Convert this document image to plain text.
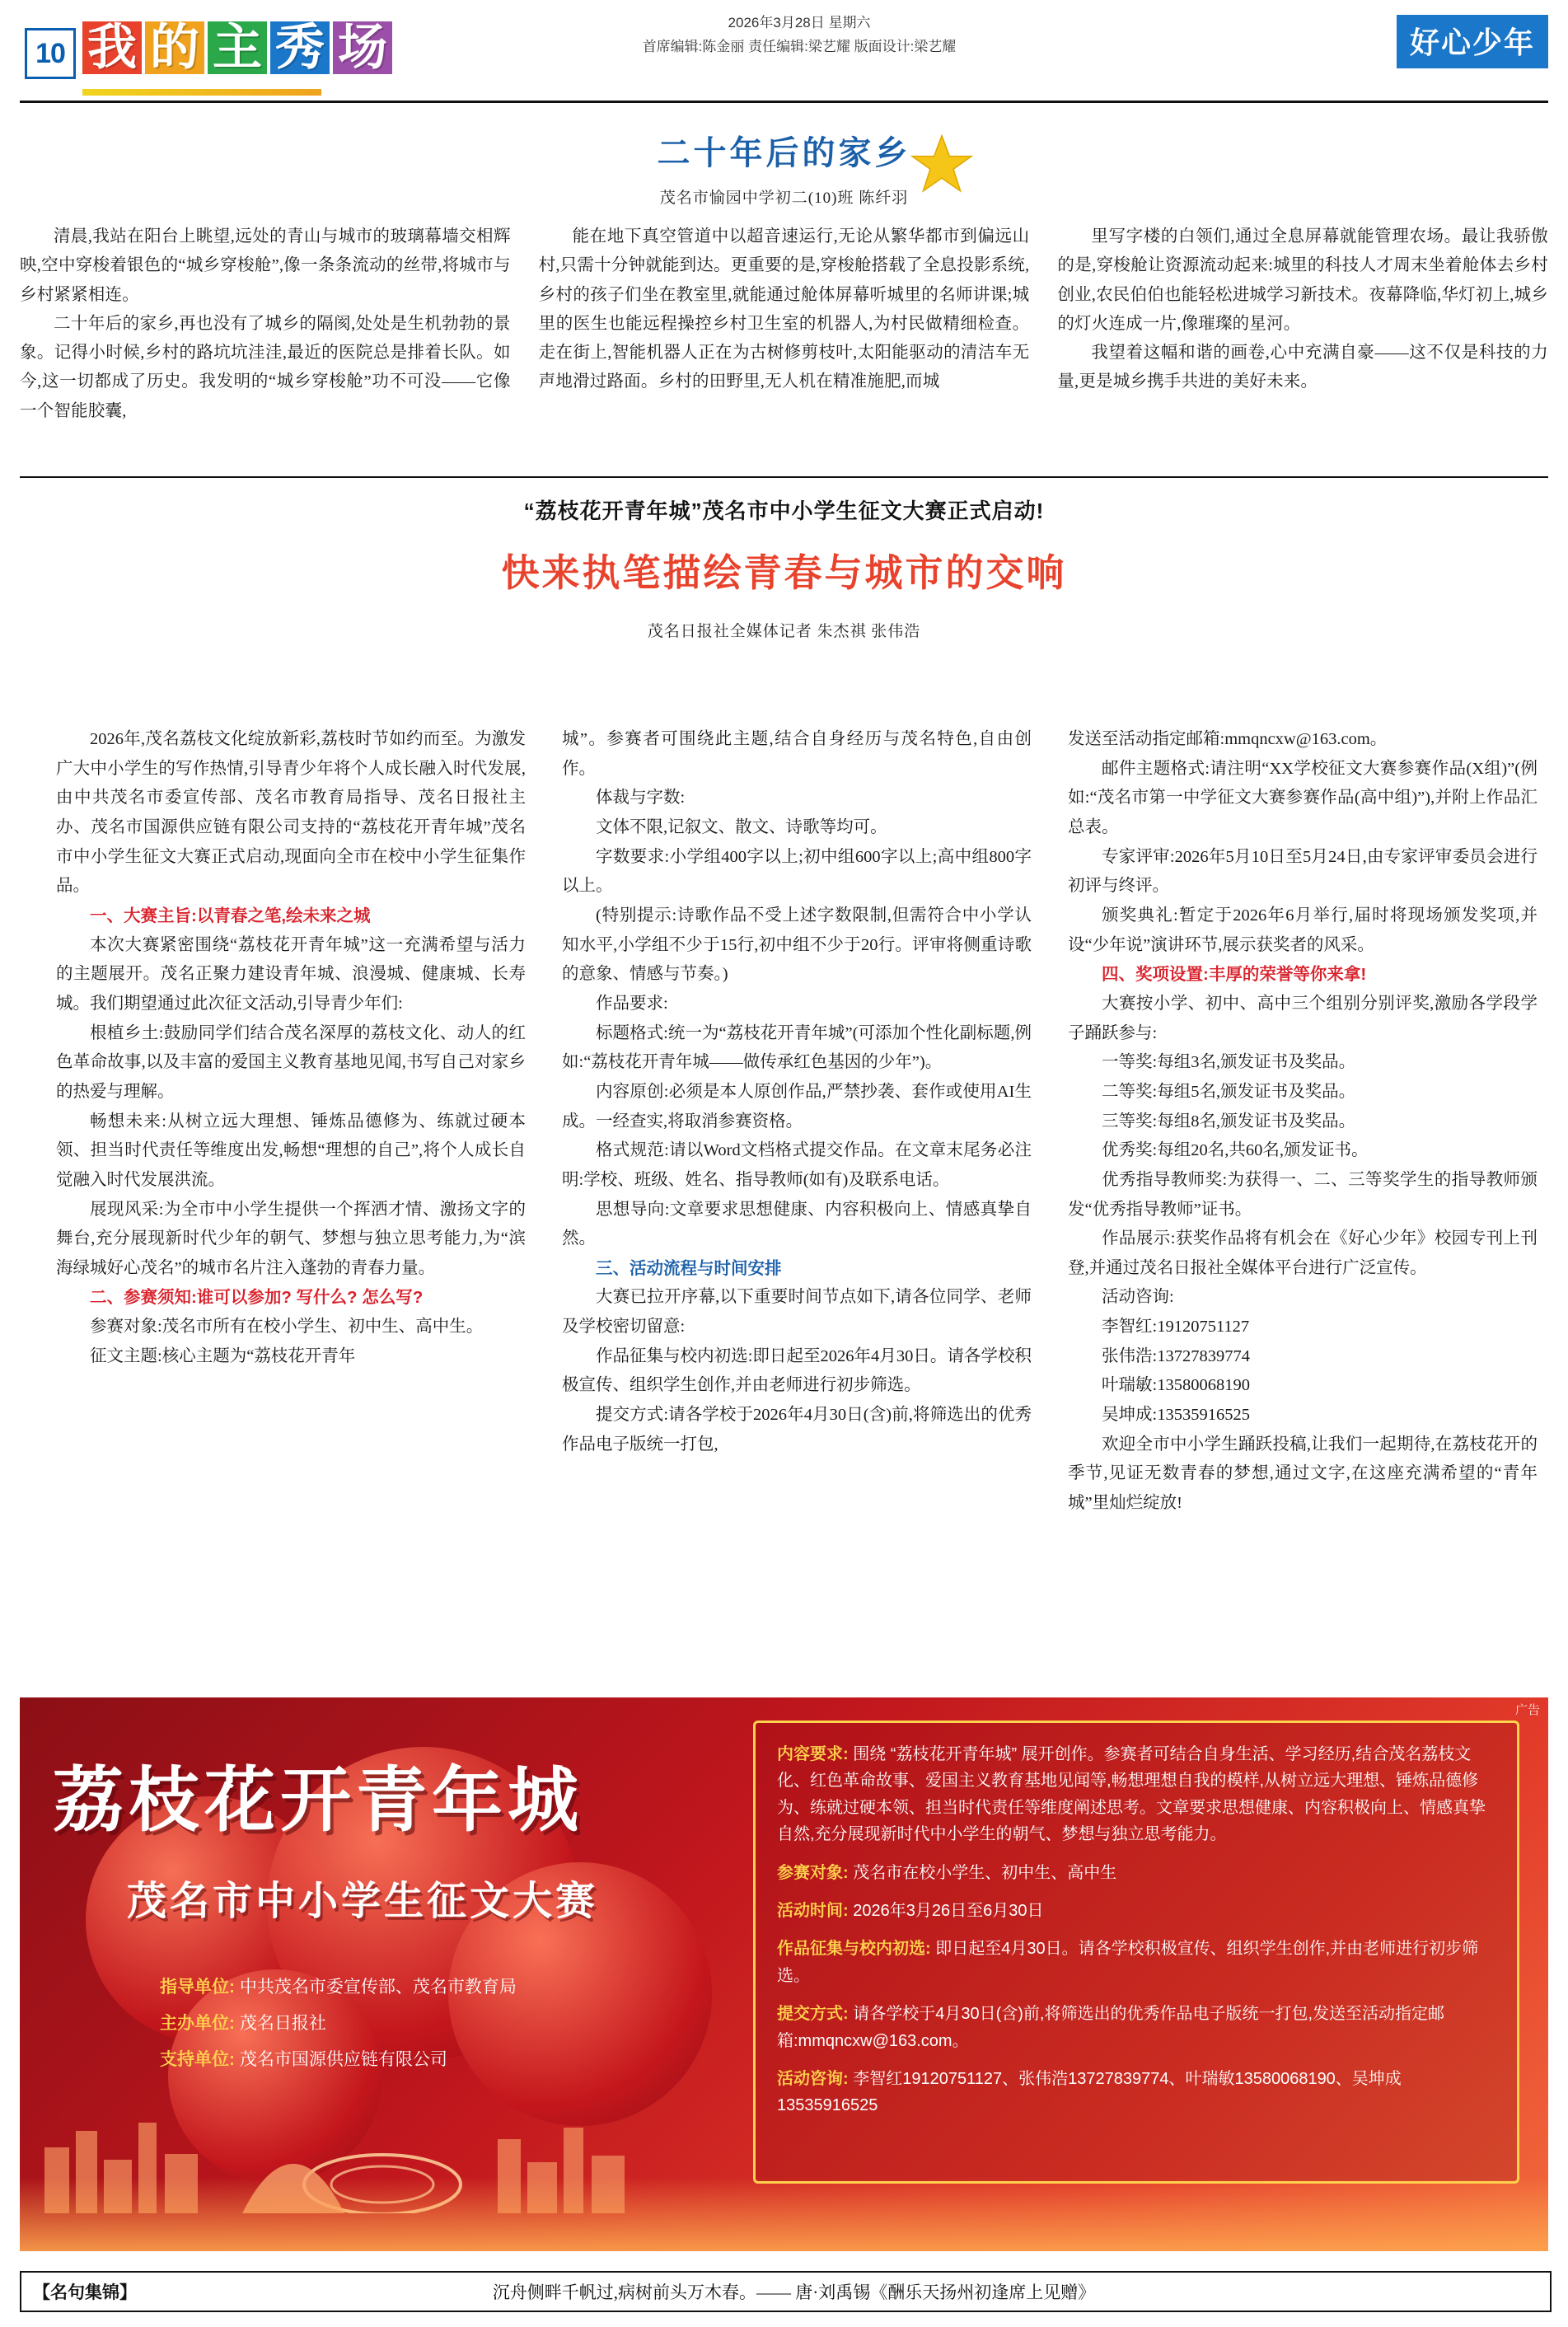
10 我 的 主 秀 场	2026年3月28日 星期六
首席编辑:陈金丽 责任编辑:梁艺耀 版面设计:梁艺耀	好心少年
二十年后的家乡
茂名市愉园中学初二(10)班 陈纤羽

清晨,我站在阳台上眺望,远处的青山与城市的玻璃幕墙交相辉映,空中穿梭着银色的“城乡穿梭舱”,像一条条流动的丝带,将城市与乡村紧紧相连。

二十年后的家乡,再也没有了城乡的隔阂,处处是生机勃勃的景象。记得小时候,乡村的路坑坑洼洼,最近的医院总是排着长队。如今,这一切都成了历史。我发明的“城乡穿梭舱”功不可没——它像一个智能胶囊,

能在地下真空管道中以超音速运行,无论从繁华都市到偏远山村,只需十分钟就能到达。更重要的是,穿梭舱搭载了全息投影系统,乡村的孩子们坐在教室里,就能通过舱体屏幕听城里的名师讲课;城里的医生也能远程操控乡村卫生室的机器人,为村民做精细检查。走在街上,智能机器人正在为古树修剪枝叶,太阳能驱动的清洁车无声地滑过路面。乡村的田野里,无人机在精准施肥,而城

里写字楼的白领们,通过全息屏幕就能管理农场。最让我骄傲的是,穿梭舱让资源流动起来:城里的科技人才周末坐着舱体去乡村创业,农民伯伯也能轻松进城学习新技术。夜幕降临,华灯初上,城乡的灯火连成一片,像璀璨的星河。

我望着这幅和谐的画卷,心中充满自豪——这不仅是科技的力量,更是城乡携手共进的美好未来。

“荔枝花开青年城”茂名市中小学生征文大赛正式启动!
快来执笔描绘青春与城市的交响
茂名日报社全媒体记者 朱杰祺 张伟浩

2026年,茂名荔枝文化绽放新彩,荔枝时节如约而至。为激发广大中小学生的写作热情,引导青少年将个人成长融入时代发展,由中共茂名市委宣传部、茂名市教育局指导、茂名日报社主办、茂名市国源供应链有限公司支持的“荔枝花开青年城”茂名市中小学生征文大赛正式启动,现面向全市在校中小学生征集作品。

一、大赛主旨:以青春之笔,绘未来之城

本次大赛紧密围绕“荔枝花开青年城”这一充满希望与活力的主题展开。茂名正聚力建设青年城、浪漫城、健康城、长寿城。我们期望通过此次征文活动,引导青少年们:

根植乡土:鼓励同学们结合茂名深厚的荔枝文化、动人的红色革命故事,以及丰富的爱国主义教育基地见闻,书写自己对家乡的热爱与理解。

畅想未来:从树立远大理想、锤炼品德修为、练就过硬本领、担当时代责任等维度出发,畅想“理想的自己”,将个人成长自觉融入时代发展洪流。

展现风采:为全市中小学生提供一个挥洒才情、激扬文字的舞台,充分展现新时代少年的朝气、梦想与独立思考能力,为“滨海绿城好心茂名”的城市名片注入蓬勃的青春力量。

二、参赛须知:谁可以参加? 写什么? 怎么写?

参赛对象:茂名市所有在校小学生、初中生、高中生。

征文主题:核心主题为“荔枝花开青年

城”。参赛者可围绕此主题,结合自身经历与茂名特色,自由创作。

体裁与字数:

文体不限,记叙文、散文、诗歌等均可。

字数要求:小学组400字以上;初中组600字以上;高中组800字以上。

(特别提示:诗歌作品不受上述字数限制,但需符合中小学认知水平,小学组不少于15行,初中组不少于20行。评审将侧重诗歌的意象、情感与节奏。)

作品要求:

标题格式:统一为“荔枝花开青年城”(可添加个性化副标题,例如:“荔枝花开青年城——做传承红色基因的少年”)。

内容原创:必须是本人原创作品,严禁抄袭、套作或使用AI生成。一经查实,将取消参赛资格。

格式规范:请以Word文档格式提交作品。在文章末尾务必注明:学校、班级、姓名、指导教师(如有)及联系电话。

思想导向:文章要求思想健康、内容积极向上、情感真挚自然。

三、活动流程与时间安排

大赛已拉开序幕,以下重要时间节点如下,请各位同学、老师及学校密切留意:

作品征集与校内初选:即日起至2026年4月30日。请各学校积极宣传、组织学生创作,并由老师进行初步筛选。

提交方式:请各学校于2026年4月30日(含)前,将筛选出的优秀作品电子版统一打包,

发送至活动指定邮箱:mmqncxw@163.com。

邮件主题格式:请注明“XX学校征文大赛参赛作品(X组)”(例如:“茂名市第一中学征文大赛参赛作品(高中组)”),并附上作品汇总表。

专家评审:2026年5月10日至5月24日,由专家评审委员会进行初评与终评。

颁奖典礼:暂定于2026年6月举行,届时将现场颁发奖项,并设“少年说”演讲环节,展示获奖者的风采。

四、奖项设置:丰厚的荣誉等你来拿!

大赛按小学、初中、高中三个组别分别评奖,激励各学段学子踊跃参与:

一等奖:每组3名,颁发证书及奖品。

二等奖:每组5名,颁发证书及奖品。

三等奖:每组8名,颁发证书及奖品。

优秀奖:每组20名,共60名,颁发证书。

优秀指导教师奖:为获得一、二、三等奖学生的指导教师颁发“优秀指导教师”证书。

作品展示:获奖作品将有机会在《好心少年》校园专刊上刊登,并通过茂名日报社全媒体平台进行广泛宣传。

活动咨询:

李智红:19120751127

张伟浩:13727839774

叶瑞敏:13580068190

吴坤成:13535916525

欢迎全市中小学生踊跃投稿,让我们一起期待,在荔枝花开的季节,见证无数青春的梦想,通过文字,在这座充满希望的“青年城”里灿烂绽放!

广告
荔枝花开青年城
茂名市中小学生征文大赛
指导单位: 中共茂名市委宣传部、茂名市教育局
主办单位: 茂名日报社
支持单位: 茂名市国源供应链有限公司
内容要求: 围绕 “荔枝花开青年城” 展开创作。参赛者可结合自身生活、学习经历,结合茂名荔枝文化、红色革命故事、爱国主义教育基地见闻等,畅想理想自我的模样,从树立远大理想、锤炼品德修为、练就过硬本领、担当时代责任等维度阐述思考。文章要求思想健康、内容积极向上、情感真挚自然,充分展现新时代中小学生的朝气、梦想与独立思考能力。
参赛对象: 茂名市在校小学生、初中生、高中生
活动时间: 2026年3月26日至6月30日
作品征集与校内初选: 即日起至4月30日。请各学校积极宣传、组织学生创作,并由老师进行初步筛选。
提交方式: 请各学校于4月30日(含)前,将筛选出的优秀作品电子版统一打包,发送至活动指定邮箱:mmqncxw@163.com。
活动咨询: 李智红19120751127、张伟浩13727839774、叶瑞敏13580068190、吴坤成13535916525
【名句集锦】	沉舟侧畔千帆过,病树前头万木春。—— 唐·刘禹锡《酬乐天扬州初逢席上见赠》
